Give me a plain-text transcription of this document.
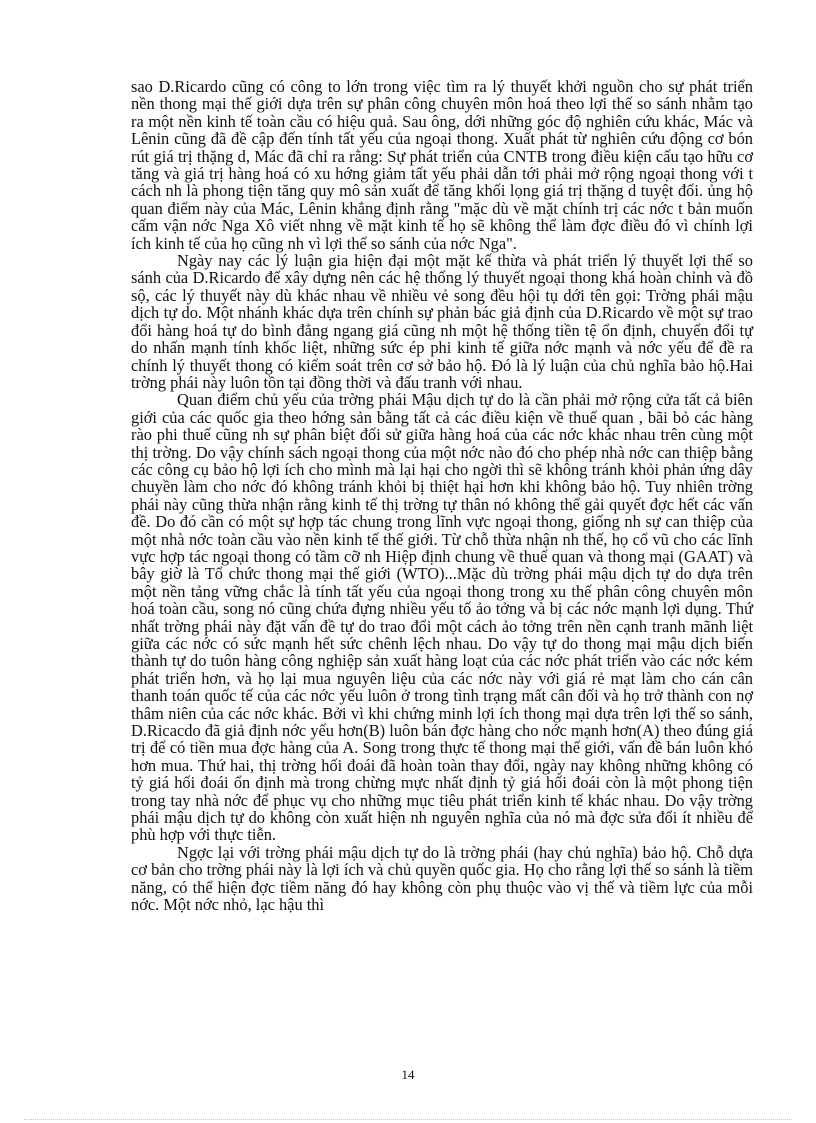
sao D.Ricardo cũng có công to lớn trong việc tìm ra lý thuyết khởi nguồn cho sự phát triển nền thong mại thế giới dựa trên sự phân công chuyên môn hoá theo lợi thế so sánh nhằm tạo ra một nền kinh tế toàn cầu có hiệu quả. Sau ông, dới những góc độ nghiên cứu khác, Mác và Lênin cũng đã đề cập đến tính tất yếu của ngoại thong. Xuất phát từ nghiên cứu động cơ bón rút giá trị thặng d, Mác đã chỉ ra rằng: Sự phát triển của CNTB trong điều kiện cấu tạo hữu cơ tăng và giá trị hàng hoá có xu hớng giảm tất yếu phải dẫn tới phải mở rộng ngoại thong với t cách nh là phong tiện tăng quy mô sản xuất để tăng khối lọng giá trị thặng d tuyệt đối. ủng hộ quan điểm này của Mác, Lênin khẳng định rằng "mặc dù về mặt chính trị các nớc t bản muốn cấm vận nớc Nga Xô viết nhng về mặt kinh tế họ sẽ không thể làm đợc điều đó vì chính lợi ích kinh tế của họ cũng nh vì lợi thế so sánh của nớc Nga".

Ngày nay các lý luận gia hiện đại một mặt kế thừa và phát triển lý thuyết lợi thế so sánh của D.Ricardo để xây dựng nên các hệ thống lý thuyết ngoại thong khá hoàn chỉnh và đồ sộ, các lý thuyết này dù khác nhau về nhiều vẻ song đều hội tụ dới tên gọi: Trờng phái mậu dịch tự do. Một nhánh khác dựa trên chính sự phản bác giả định của D.Ricardo về một sự trao đổi hàng hoá tự do bình đẳng ngang giá cũng nh một hệ thống tiền tệ ổn định, chuyển đổi tự do nhấn mạnh tính khốc liệt, những sức ép phi kinh tế giữa nớc mạnh và nớc yếu để đề ra chính lý thuyết thong có kiểm soát trên cơ sở bảo hộ. Đó là lý luận của chủ nghĩa bảo hộ.Hai trờng phái này luôn tồn tại đồng thời và đấu tranh với nhau.

Quan điểm chủ yếu của trờng phái Mậu dịch tự do là cần phải mở rộng cửa tất cả biên giới của các quốc gia theo hớng sản bằng tất cả các điều kiện về thuế quan , bãi bỏ các hàng rào phi thuế cũng nh sự phân biệt đối sử giữa hàng hoá của các nớc khác nhau trên cùng một thị trờng. Do vậy chính sách ngoại thong của một nớc nào đó cho phép nhà nớc can thiệp bằng các công cụ bảo hộ lợi ích cho mình mà lại hại cho ngời thì sẽ không tránh khỏi phản ứng dây chuyền làm cho nớc đó không tránh khỏi bị thiệt hại hơn khi không bảo hộ. Tuy nhiên trờng phái này cũng thừa nhận rằng kinh tế thị trờng tự thân nó không thể gải quyết đợc hết các vấn đề. Do đó cần có một sự hợp tác chung trong lĩnh vực ngoại thong, giống nh sự can thiệp của một nhà nớc toàn cầu vào nền kinh tế thế giới. Từ chỗ thừa nhận nh thế, họ cổ vũ cho các lĩnh vực hợp tác ngoại thong có tầm cỡ nh Hiệp định chung về thuế quan và thong mại (GAAT) và bây giờ là Tổ chức thong mại thế giới (WTO)...Mặc dù trờng phái mậu dịch tự do dựa trên một nền tảng vững chắc là tính tất yếu của ngoại thong trong xu thế phân công chuyên môn hoá toàn cầu, song nó cũng chứa đựng nhiều yếu tố ảo tởng và bị các nớc mạnh lợi dụng. Thứ nhất trờng phái này đặt vấn đề tự do trao đổi một cách ảo tởng trên nền cạnh tranh mãnh liệt giữa các nớc có sức mạnh hết sức chênh lệch nhau. Do vậy tự do thong mại mậu dịch biến thành tự do tuôn hàng công nghiệp sản xuất hàng loạt của các nớc phát triển vào các nớc kém phát triển hơn, và họ lại mua nguyên liệu của các nớc này với giá rẻ mạt làm cho cán cân thanh toán quốc tế của các nớc yếu luôn ở trong tình trạng mất cân đối và họ trở thành con nợ thâm niên của các nớc khác. Bởi vì khi chứng minh lợi ích thong mại dựa trên lợi thế so sánh, D.Ricacdo đã giả định nớc yếu hơn(B) luôn bán đợc hàng cho nớc mạnh hơn(A) theo đúng giá trị để có tiền mua đợc hàng của A. Song trong thực tế thong mại thế giới, vấn đề bán luôn khó hơn mua. Thứ hai, thị trờng hối đoái đã hoàn toàn thay đổi, ngày nay không những không có tỷ giá hối đoái ổn định mà trong chừng mực nhất định tỷ giá hối đoái còn là một phong tiện trong tay nhà nớc để phục vụ cho những mục tiêu phát triển kinh tế khác nhau. Do vậy trờng phái mậu dịch tự do không còn xuất hiện nh nguyên nghĩa của nó mà đợc sửa đổi ít nhiều để phù hợp với thực tiễn.

Ngợc lại với trờng phái mậu dịch tự do là trờng phái (hay chủ nghĩa) bảo hộ. Chỗ dựa cơ bản cho trờng phái này là lợi ích và chủ quyền quốc gia. Họ cho rằng lợi thế so sánh là tiềm năng, có thể hiện đợc tiềm năng đó hay không còn phụ thuộc vào vị thế và tiềm lực của mỗi nớc. Một nớc nhỏ, lạc hậu thì

14
